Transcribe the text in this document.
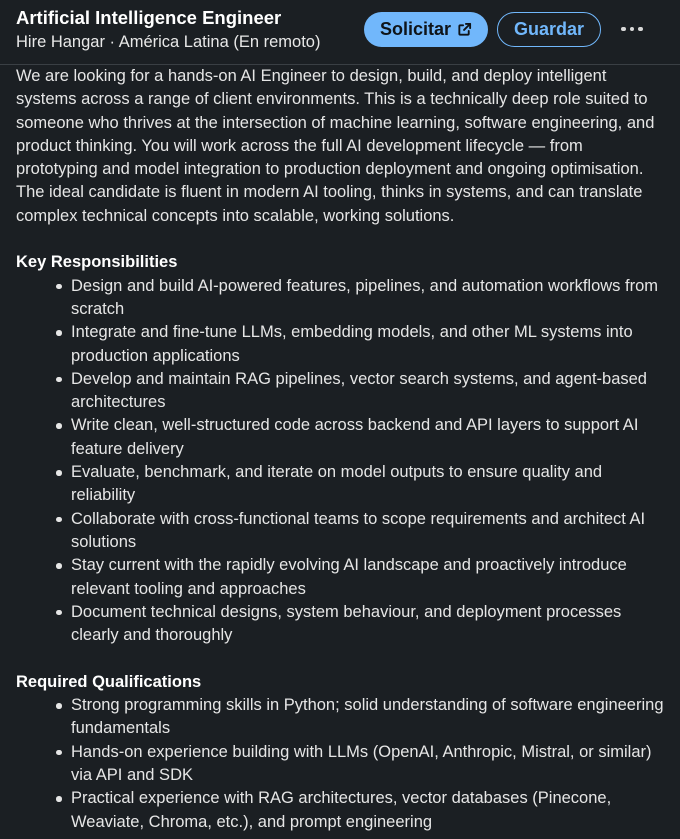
Artificial Intelligence Engineer
Hire Hangar · América Latina (En remoto)
Solicitar	Guardar

We are looking for a hands-on AI Engineer to design, build, and deploy intelligent systems across a range of client environments. This is a technically deep role suited to someone who thrives at the intersection of machine learning, software engineering, and product thinking. You will work across the full AI development lifecycle — from prototyping and model integration to production deployment and ongoing optimisation. The ideal candidate is fluent in modern AI tooling, thinks in systems, and can translate complex technical concepts into scalable, working solutions.

Key Responsibilities
Design and build AI-powered features, pipelines, and automation workflows from scratch
Integrate and fine-tune LLMs, embedding models, and other ML systems into production applications
Develop and maintain RAG pipelines, vector search systems, and agent-based architectures
Write clean, well-structured code across backend and API layers to support AI feature delivery
Evaluate, benchmark, and iterate on model outputs to ensure quality and reliability
Collaborate with cross-functional teams to scope requirements and architect AI solutions
Stay current with the rapidly evolving AI landscape and proactively introduce relevant tooling and approaches
Document technical designs, system behaviour, and deployment processes clearly and thoroughly
Required Qualifications
Strong programming skills in Python; solid understanding of software engineering fundamentals
Hands-on experience building with LLMs (OpenAI, Anthropic, Mistral, or similar) via API and SDK
Practical experience with RAG architectures, vector databases (Pinecone, Weaviate, Chroma, etc.), and prompt engineering
